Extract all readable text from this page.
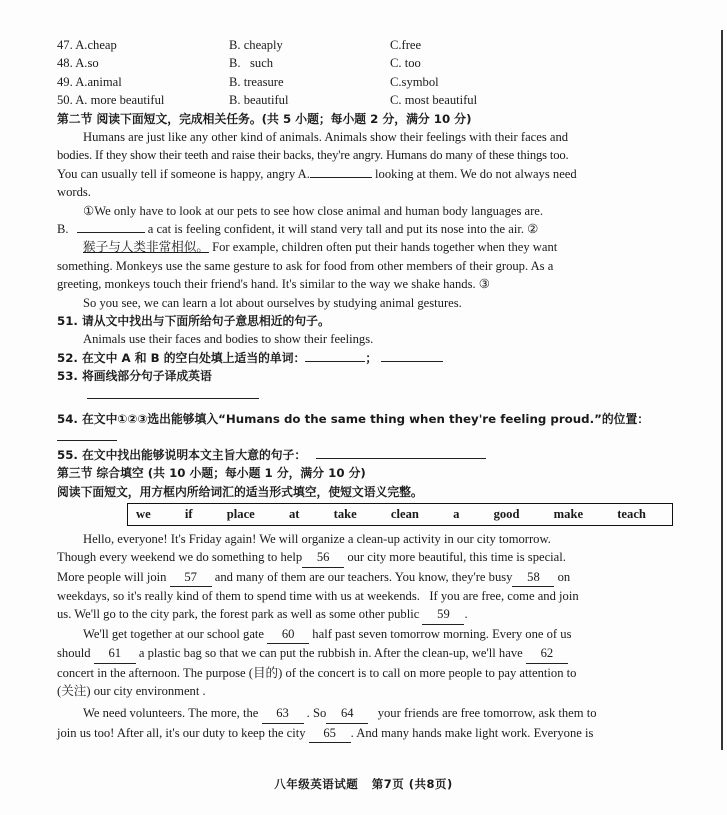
47. A.cheap	B. cheaply	C.free
48. A.so	B.   such	C. too
49. A.animal	B. treasure	C.symbol
50. A. more beautiful	B. beautiful	C. most beautiful
第二节 阅读下面短文，完成相关任务。(共 5 小题；每小题 2 分，满分 10 分)
Humans are just like any other kind of animals. Animals show their feelings with their faces and
bodies. If they show their teeth and raise their backs, they're angry. Humans do many of these things too.
You can usually tell if someone is happy, angry A.	looking at them. We do not always need
words.
①We only have to look at our pets to see how close animal and human body languages are.
B.	a cat is feeling confident, it will stand very tall and put its nose into the air. ②
猴子与人类非常相似。 For example, children often put their hands together when they want
something. Monkeys use the same gesture to ask for food from other members of their group. As a
greeting, monkeys touch their friend's hand. It's similar to the way we shake hands. ③
So you see, we can learn a lot about ourselves by studying animal gestures.
51. 请从文中找出与下面所给句子意思相近的句子。
Animals use their faces and bodies to show their feelings.
52. 在文中 A 和 B 的空白处填上适当的单词：	；
53. 将画线部分句子译成英语
54. 在文中①②③选出能够填入“Humans do the same thing when they're feeling proud.”的位置：
55. 在文中找出能够说明本文主旨大意的句子：
第三节 综合填空 (共 10 小题；每小题 1 分，满分 10 分)
阅读下面短文，用方框内所给词汇的适当形式填空，使短文语义完整。
we	if	place	at	take	clean	a	good	make	teach
Hello, everyone! It's Friday again! We will organize a clean-up activity in our city tomorrow.
Though every weekend we do something to help 56 our city more beautiful, this time is special.
More people will join 57 and many of them are our teachers. You know, they're busy 58 on
weekdays, so it's really kind of them to spend time with us at weekends.   If you are free, come and join
us. We'll go to the city park, the forest park as well as some other public 59 .
We'll get together at our school gate 60 half past seven tomorrow morning. Every one of us
should 61 a plastic bag so that we can put the rubbish in. After the clean-up, we'll have 62
concert in the afternoon. The purpose (目的) of the concert is to call on more people to pay attention to
(关注) our city environment .
We need volunteers. The more, the 63 . So 64   your friends are free tomorrow, ask them to
join us too! After all, it's our duty to keep the city 65 . And many hands make light work. Everyone is
八年级英语试题   第7页 (共8页)
